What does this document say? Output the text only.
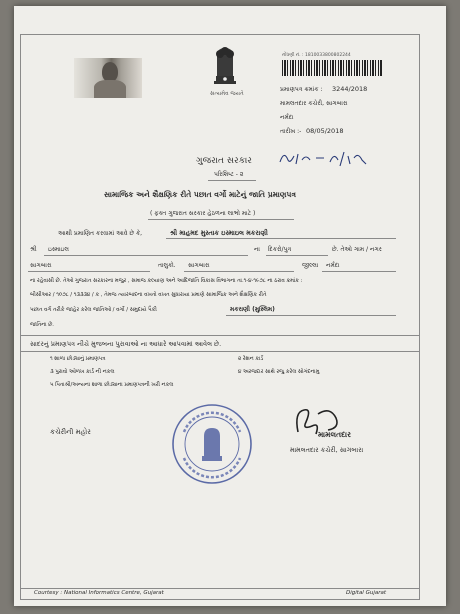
સત્યમેવ જયતે
નોંધણી નં. : 1810033800802244
પ્રમાણપત્ર ક્રમાંક : 3244/2018
મામલતદાર કચેરી, સાગબારા
નર્મદા
તારીખ :- 08/05/2018
ગુજરાત સરકાર
પરિશિષ્ટ - ૨
સામાજિક અને શૈક્ષણિક રીતે પછાત વર્ગો માટેનું જાતિ પ્રમાણપત્ર
( ફક્ત ગુજરાત સરકાર હેઠળના લાભો માટે )
આથી પ્રમાણિત કરવામાં આવે છે કે,	શ્રી માહમદ મુસ્તાક ઇસ્માઇલ મકરાણી
શ્રી ઇસ્માઇલ	ના દિકરો/પુત્ર	છે. તેઓ ગામ / નગર
સાગબારા	તાલુકો. સાગબારા	જીલ્લા નર્મદા
ના રહેવાસી છે. તેઓ ગુજરાત સરકારના મજુર , સમાજ કલ્યાણ અને આદિજાતિ વિકાસ વિભાગના તા.૧-૪-૧૯૭૮ ના ઠરાવ ક્રમાંક :
બીસીઆર / ૧૦૭૮ / ૧૩૩૩૪ / ક , તેમજ ત્યારબાદના વખતો વખત સુધારાયા પ્રમાણે સામાજિક અને શૈક્ષણિક રીતે
પછાત વર્ગ તરીકે જાહેર કરેલ જાતિઓ / વર્ગો / સમુદાયે પૈકી	મકરાણી (મુસ્લિમ)
જાતિના છે.
સાદરનું પ્રમાણપત્ર નીચે મુજબના પુરાવાઓ ના આધારે આપવામાં આવેલ છે.
૧ શાળા છોડ્યાનું પ્રમાણપત્ર	૨ રેશન કાર્ડ
૩ પુરાવો ઓળખ કાર્ડ ની નકલ	૪ અરજદાર સાથે રજુ કરેલ સોગંદનામુ
૫ પિતાશ્રી/અન્યના શાળા છોડ્યાના પ્રમાણપત્રની ખરી નકલ
કચેરીની મહોર	મામલતદાર
મામલતદાર કચેરી, સાગબારા
Courtesy : National Informatics Centre, Gujarat	Digital Gujarat
